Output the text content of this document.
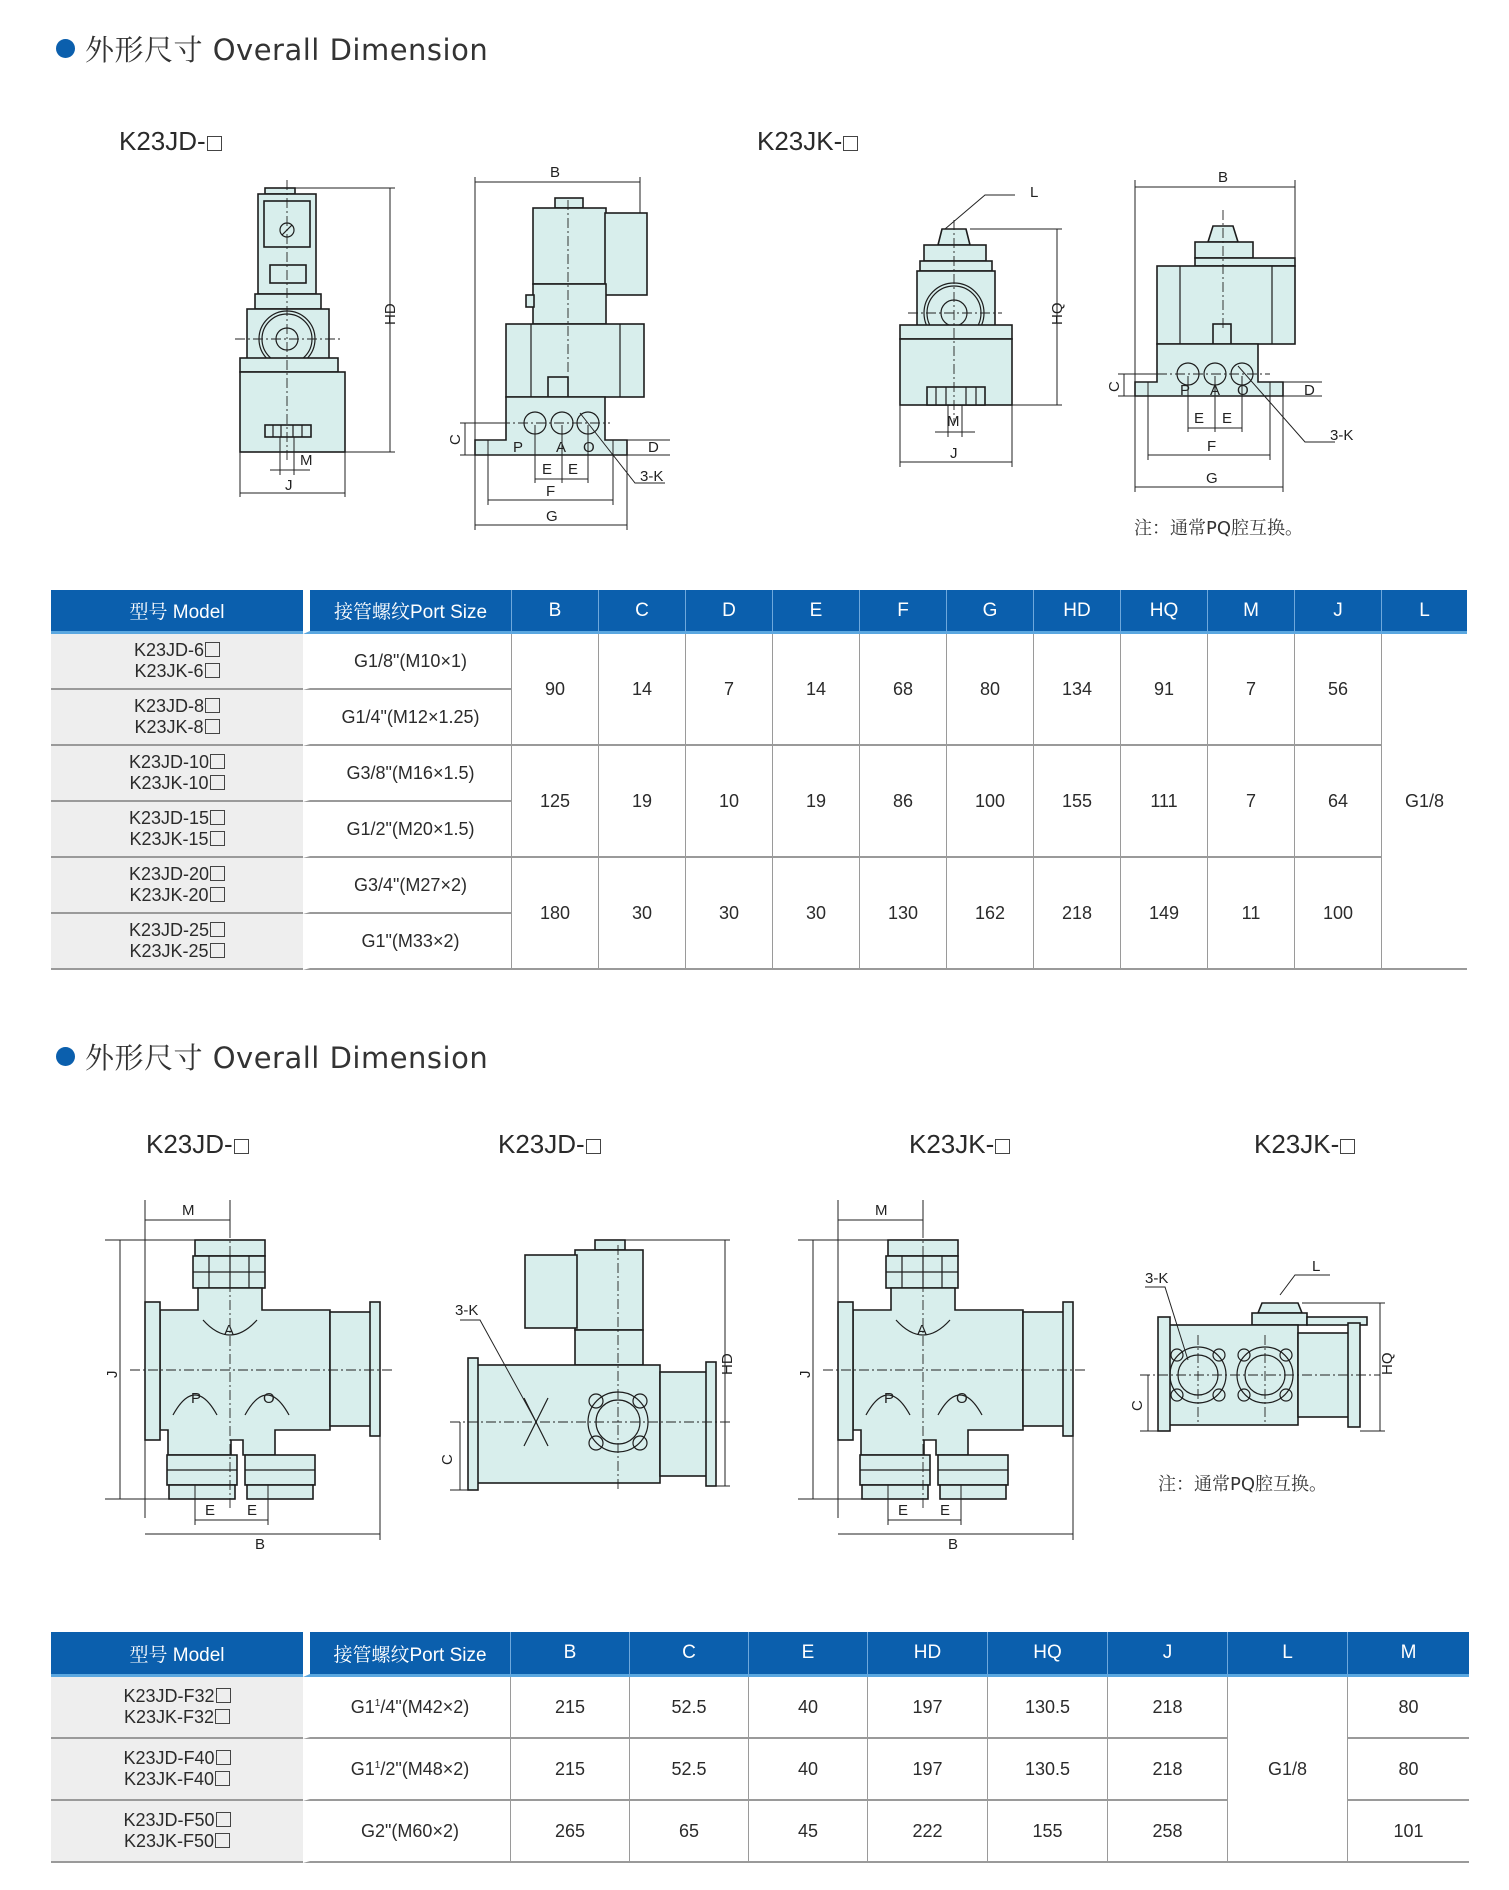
外形尺寸 Overall Dimension
K23JD-	K23JK-
HD
M
J
B
P A O
C	D
E E
F
G
3-K
L
HQ
M
J
B
P A O
C	D
E E
F
G
3-K
注：通常PQ腔互换。
型号 Model	接管螺纹Port Size	B	C	D	E	F	G	HD	HQ	M	J	L
K23JD-6
K23JK-6	G1/8"(M10×1)	90	14	7	14	68	80	134	91	7	56	G1/8
K23JD-8
K23JK-8	G1/4"(M12×1.25)											
K23JD-10
K23JK-10	G3/8"(M16×1.5)	125	19	10	19	86	100	155	111	7	64	
K23JD-15
K23JK-15	G1/2"(M20×1.5)											
K23JD-20
K23JK-20	G3/4"(M27×2)	180	30	30	30	130	162	218	149	11	100	
K23JD-25
K23JK-25	G1"(M33×2)											
外形尺寸 Overall Dimension
K23JD-	K23JD-	K23JK-	K23JK-
M
A
P	O
J
E E
B
3-K
C
HD
M
A
P	O
J
E E
B
L
3-K
C
HQ
注：通常PQ腔互换。
型号 Model	接管螺纹Port Size	B	C	E	HD	HQ	J	L	M
K23JD-F32
K23JK-F32	$G1^1/4"(M42\times 2)$	215	52.5	40	197	130.5	218	G1/8	80
K23JD-F40
K23JK-F40	$G1^1/2"(M48\times 2)$	215	52.5	40	197	130.5	218		80
K23JD-F50
K23JK-F50	G2"(M60×2)	265	65	45	222	155	258		101
